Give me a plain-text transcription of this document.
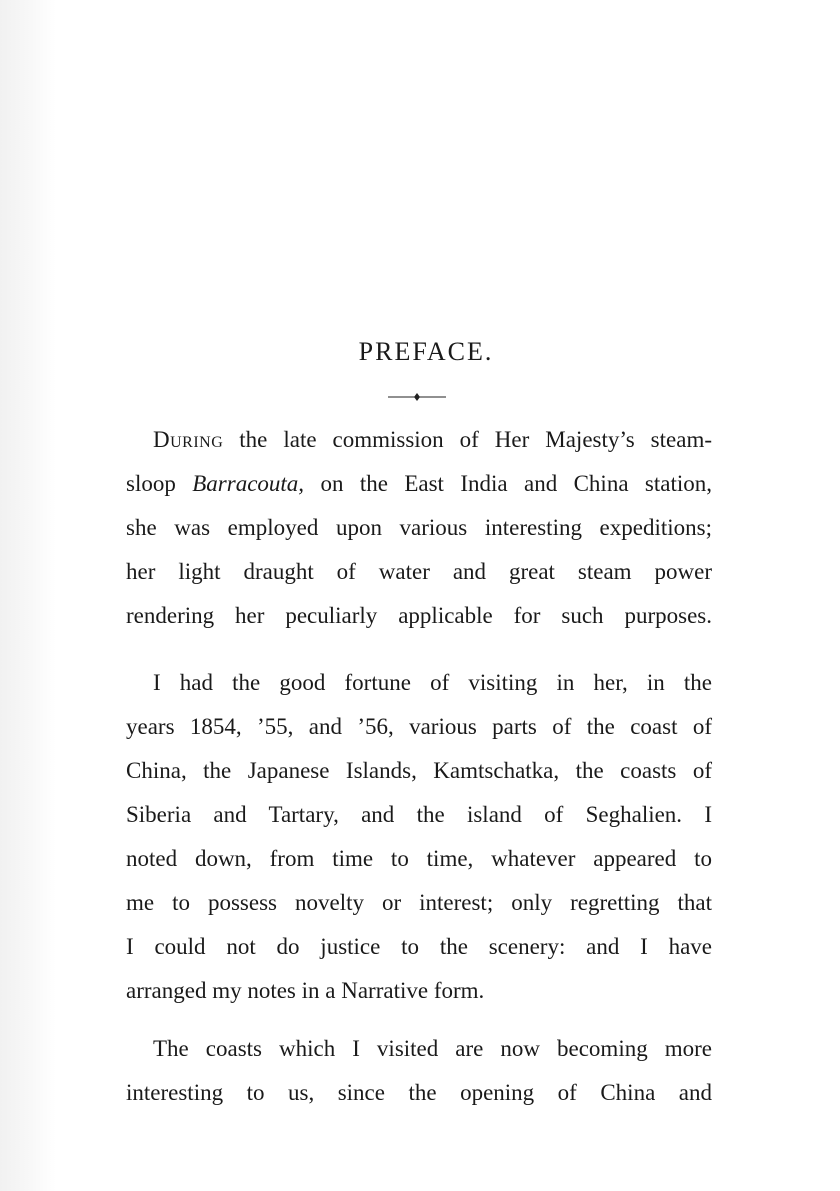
PREFACE.
During the late commission of Her Majesty’s steam-
sloop Barracouta, on the East India and China station,
she was employed upon various interesting expeditions;
her light draught of water and great steam power
rendering her peculiarly applicable for such purposes.
I had the good fortune of visiting in her, in the
years 1854, ’55, and ’56, various parts of the coast of
China, the Japanese Islands, Kamtschatka, the coasts of
Siberia and Tartary, and the island of Seghalien. I
noted down, from time to time, whatever appeared to
me to possess novelty or interest; only regretting that
I could not do justice to the scenery: and I have
arranged my notes in a Narrative form.
The coasts which I visited are now becoming more
interesting to us, since the opening of China and
